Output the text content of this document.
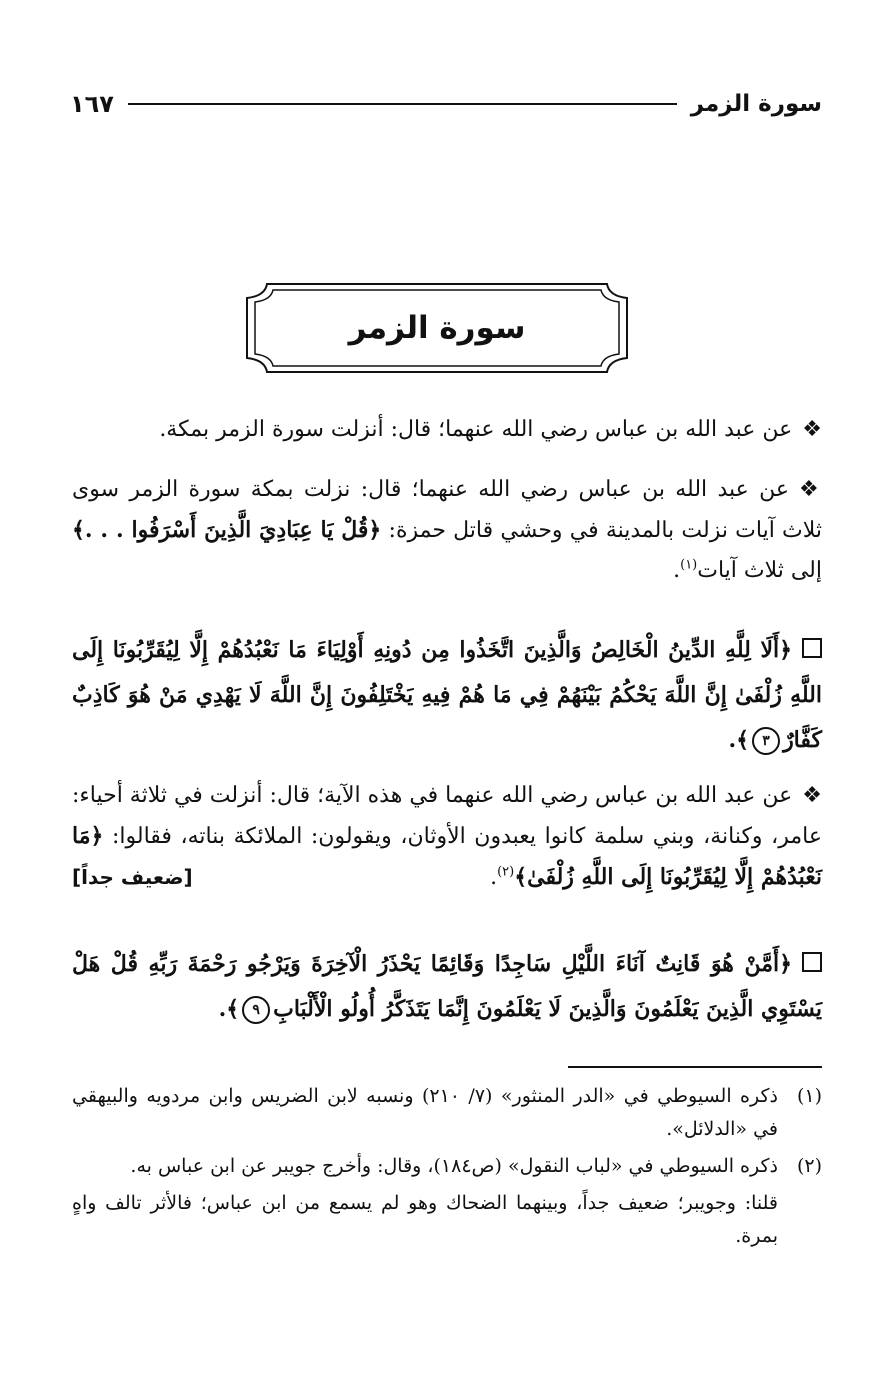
سورة الزمر
١٦٧
سورة الزمر
❖عن عبد الله بن عباس رضي الله عنهما؛ قال: أنزلت سورة الزمر بمكة.
❖عن عبد الله بن عباس رضي الله عنهما؛ قال: نزلت بمكة سورة الزمر سوى ثلاث آيات نزلت بالمدينة في وحشي قاتل حمزة: ﴿قُلْ يَا عِبَادِيَ الَّذِينَ أَسْرَفُوا . . .﴾ إلى ثلاث آيات$^{(١)}$.
﴿أَلَا لِلَّهِ الدِّينُ الْخَالِصُ وَالَّذِينَ اتَّخَذُوا مِن دُونِهِ أَوْلِيَاءَ مَا نَعْبُدُهُمْ إِلَّا لِيُقَرِّبُونَا إِلَى اللَّهِ زُلْفَىٰ إِنَّ اللَّهَ يَحْكُمُ بَيْنَهُمْ فِي مَا هُمْ فِيهِ يَخْتَلِفُونَ إِنَّ اللَّهَ لَا يَهْدِي مَنْ هُوَ كَاذِبٌ كَفَّارٌ٣﴾.
❖عن عبد الله بن عباس رضي الله عنهما في هذه الآية؛ قال: أنزلت في ثلاثة أحياء: عامر، وكنانة، وبني سلمة كانوا يعبدون الأوثان، ويقولون: الملائكة بناته، فقالوا: ﴿مَا نَعْبُدُهُمْ إِلَّا لِيُقَرِّبُونَا إِلَى اللَّهِ زُلْفَىٰ﴾$^{(٢)}$.
[ضعيف جداً]
﴿أَمَّنْ هُوَ قَانِتٌ آنَاءَ اللَّيْلِ سَاجِدًا وَقَائِمًا يَحْذَرُ الْآخِرَةَ وَيَرْجُو رَحْمَةَ رَبِّهِ قُلْ هَلْ يَسْتَوِي الَّذِينَ يَعْلَمُونَ وَالَّذِينَ لَا يَعْلَمُونَ إِنَّمَا يَتَذَكَّرُ أُولُو الْأَلْبَابِ٩﴾.
(١)
ذكره السيوطي في «الدر المنثور» (٧/ ٢١٠) ونسبه لابن الضريس وابن مردويه والبيهقي في «الدلائل».
(٢)
ذكره السيوطي في «لباب النقول» (ص١٨٤)، وقال: وأخرج جويبر عن ابن عباس به.
قلنا: وجويبر؛ ضعيف جداً، وبينهما الضحاك وهو لم يسمع من ابن عباس؛ فالأثر تالف واهٍ بمرة.
